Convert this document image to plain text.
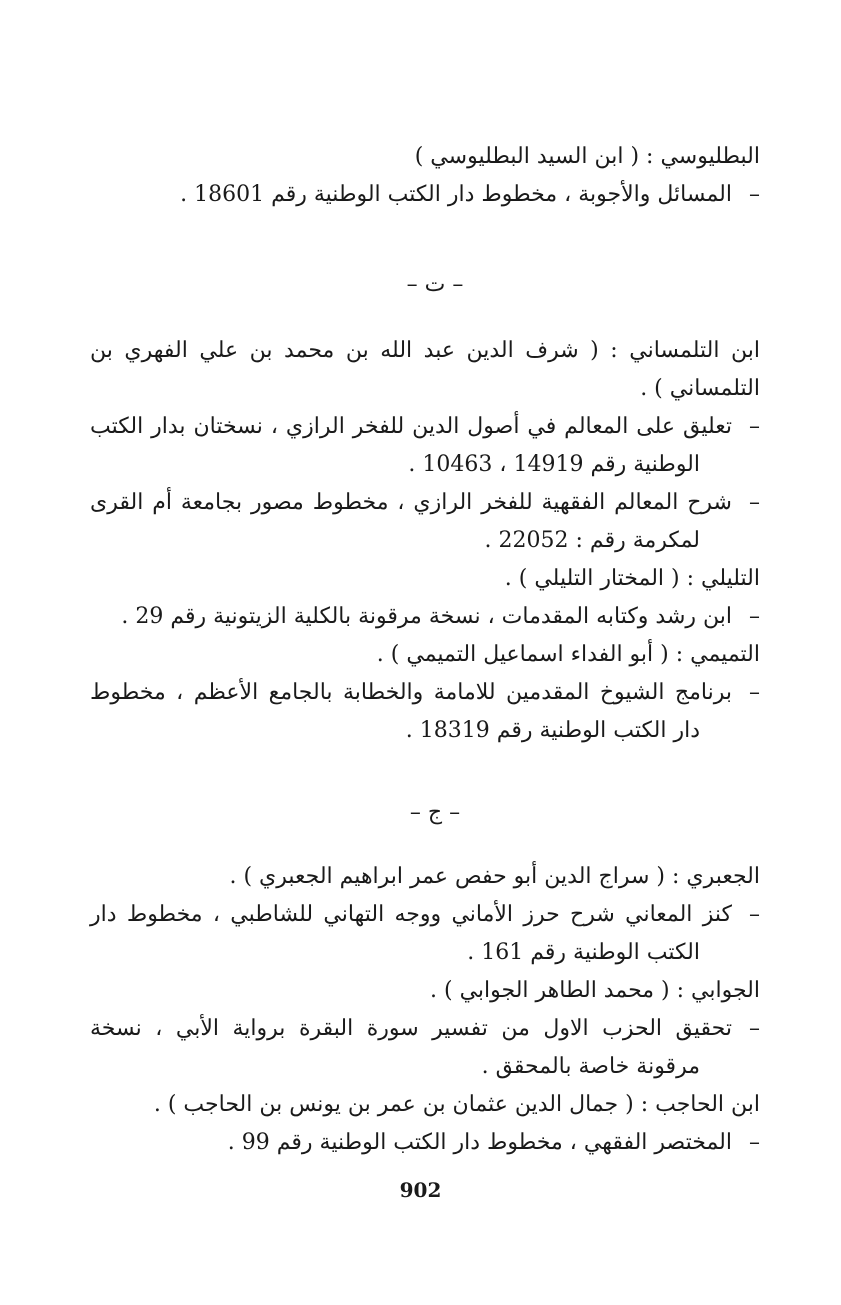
البطليوسي : ( ابن السيد البطليوسي )

–المسائل والأجوبة ، مخطوط دار الكتب الوطنية رقم 18601 .

– ت –

ابن التلمساني : ( شرف الدين عبد الله بن محمد بن علي الفهري بن التلمساني ) .

–تعليق على المعالم في أصول الدين للفخر الرازي ، نسختان بدار الكتب الوطنية رقم 14919 ، 10463 .

–شرح المعالم الفقهية للفخر الرازي ، مخطوط مصور بجامعة أم القرى لمكرمة رقم : 22052 .

التليلي : ( المختار التليلي ) .

–ابن رشد وكتابه المقدمات ، نسخة مرقونة بالكلية الزيتونية رقم 29 .

التميمي : ( أبو الفداء اسماعيل التميمي ) .

–برنامج الشيوخ المقدمين للامامة والخطابة بالجامع الأعظم ، مخطوط دار الكتب الوطنية رقم 18319 .

– ج –

الجعبري : ( سراج الدين أبو حفص عمر ابراهيم الجعبري ) .

–كنز المعاني شرح حرز الأماني ووجه التهاني للشاطبي ، مخطوط دار الكتب الوطنية رقم 161 .

الجوابي : ( محمد الطاهر الجوابي ) .

–تحقيق الحزب الاول من تفسير سورة البقرة برواية الأبي ، نسخة مرقونة خاصة بالمحقق .

ابن الحاجب : ( جمال الدين عثمان بن عمر بن يونس بن الحاجب ) .

–المختصر الفقهي ، مخطوط دار الكتب الوطنية رقم 99 .

902
